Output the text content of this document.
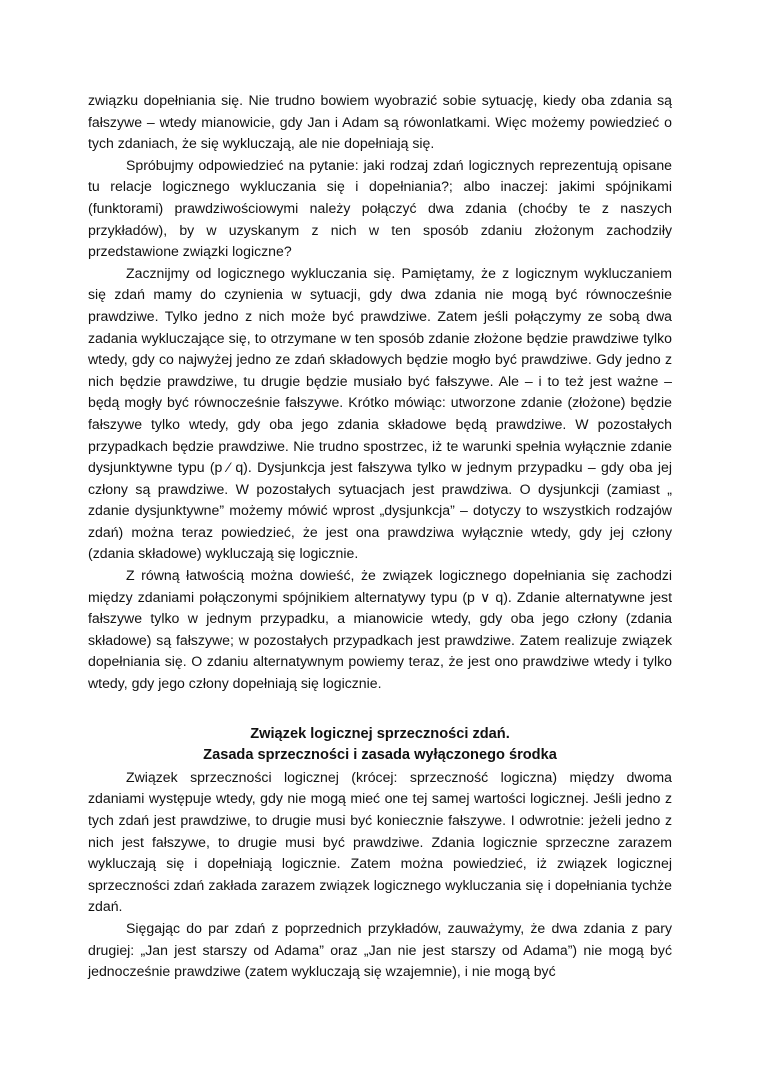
związku dopełniania się. Nie trudno bowiem wyobrazić sobie sytuację, kiedy oba zdania są fałszywe – wtedy mianowicie, gdy Jan i Adam są rówonlatkami. Więc możemy powiedzieć o tych zdaniach, że się wykluczają, ale nie dopełniają się.

Spróbujmy odpowiedzieć na pytanie: jaki rodzaj zdań logicznych reprezentują opisane tu relacje logicznego wykluczania się i dopełniania?; albo inaczej: jakimi spójnikami (funktorami) prawdziwościowymi należy połączyć dwa zdania (choćby te z naszych przykładów), by w uzyskanym z nich w ten sposób zdaniu złożonym zachodziły przedstawione związki logiczne?

Zacznijmy od logicznego wykluczania się. Pamiętamy, że z logicznym wykluczaniem się zdań mamy do czynienia w sytuacji, gdy dwa zdania nie mogą być równocześnie prawdziwe. Tylko jedno z nich może być prawdziwe. Zatem jeśli połączymy ze sobą dwa zadania wykluczające się, to otrzymane w ten sposób zdanie złożone będzie prawdziwe tylko wtedy, gdy co najwyżej jedno ze zdań składowych będzie mogło być prawdziwe. Gdy jedno z nich będzie prawdziwe, tu drugie będzie musiało być fałszywe. Ale – i to też jest ważne – będą mogły być równocześnie fałszywe. Krótko mówiąc: utworzone zdanie (złożone) będzie fałszywe tylko wtedy, gdy oba jego zdania składowe będą prawdziwe. W pozostałych przypadkach będzie prawdziwe. Nie trudno spostrzec, iż te warunki spełnia wyłącznie zdanie dysjunktywne typu (p ⁄ q). Dysjunkcja jest fałszywa tylko w jednym przypadku – gdy oba jej człony są prawdziwe. W pozostałych sytuacjach jest prawdziwa. O dysjunkcji (zamiast „ zdanie dysjunktywne” możemy mówić wprost „dysjunkcja” – dotyczy to wszystkich rodzajów zdań) można teraz powiedzieć, że jest ona prawdziwa wyłącznie wtedy, gdy jej człony (zdania składowe) wykluczają się logicznie.

Z równą łatwością można dowieść, że związek logicznego dopełniania się zachodzi między zdaniami połączonymi spójnikiem alternatywy typu (p ∨ q). Zdanie alternatywne jest fałszywe tylko w jednym przypadku, a mianowicie wtedy, gdy oba jego człony (zdania składowe) są fałszywe; w pozostałych przypadkach jest prawdziwe. Zatem realizuje związek dopełniania się. O zdaniu alternatywnym powiemy teraz, że jest ono prawdziwe wtedy i tylko wtedy, gdy jego człony dopełniają się logicznie.

Związek logicznej sprzeczności zdań.

Zasada sprzeczności i zasada wyłączonego środka

Związek sprzeczności logicznej (krócej: sprzeczność logiczna) między dwoma zdaniami występuje wtedy, gdy nie mogą mieć one tej samej wartości logicznej. Jeśli jedno z tych zdań jest prawdziwe, to drugie musi być koniecznie fałszywe. I odwrotnie: jeżeli jedno z nich jest fałszywe, to drugie musi być prawdziwe. Zdania logicznie sprzeczne zarazem wykluczają się i dopełniają logicznie. Zatem można powiedzieć, iż związek logicznej sprzeczności zdań zakłada zarazem związek logicznego wykluczania się i dopełniania tychże zdań.

Sięgając do par zdań z poprzednich przykładów, zauważymy, że dwa zdania z pary drugiej: „Jan jest starszy od Adama” oraz „Jan nie jest starszy od Adama”) nie mogą być jednocześnie prawdziwe (zatem wykluczają się wzajemnie), i nie mogą być
